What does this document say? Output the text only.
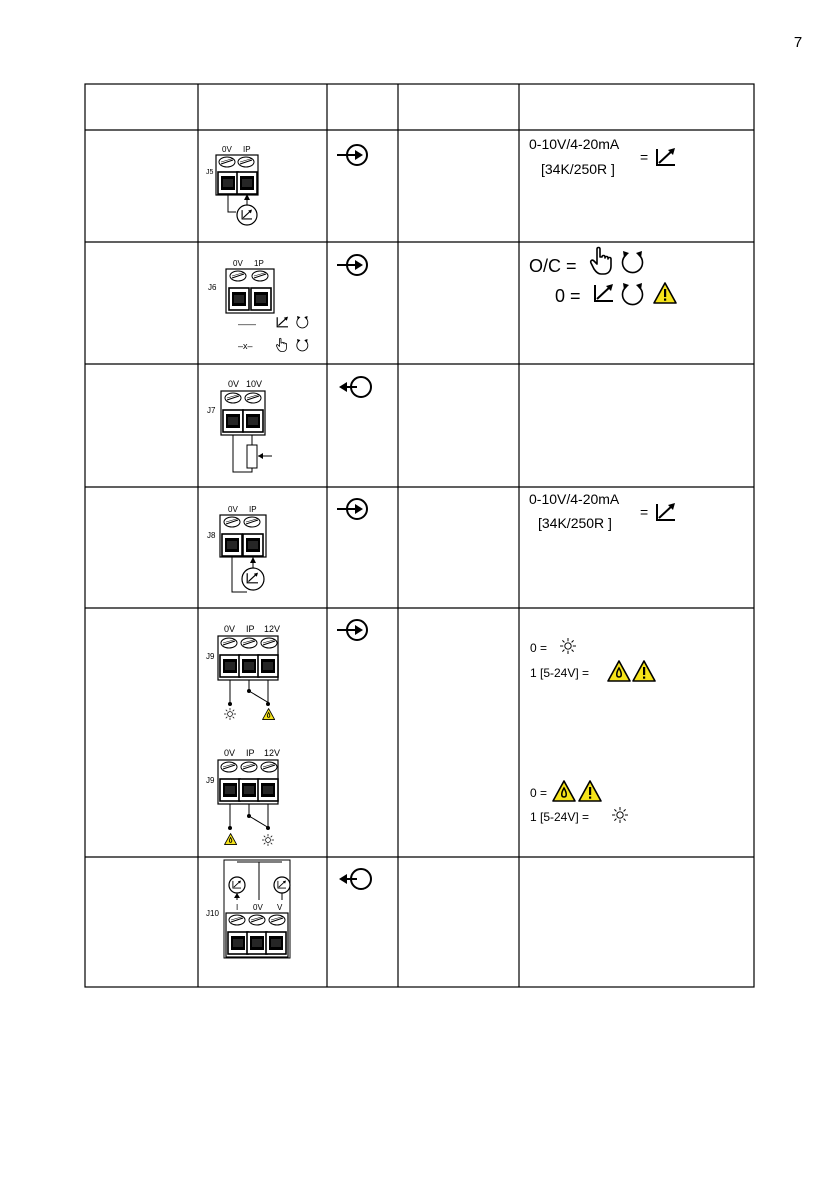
7
0V IP
J5
0-10V/4-20mA
[34K/250R ]
=
0V 1P
J6
——
–x–
O/C =
0 =
0V 10V
J7
0V IP
J8
0-10V/4-20mA
[34K/250R ]
=
0V IP 12V
J9
0V IP 12V
J9
0 =
1 [5-24V] =
0 =
1 [5-24V] =
I 0V V
J10
